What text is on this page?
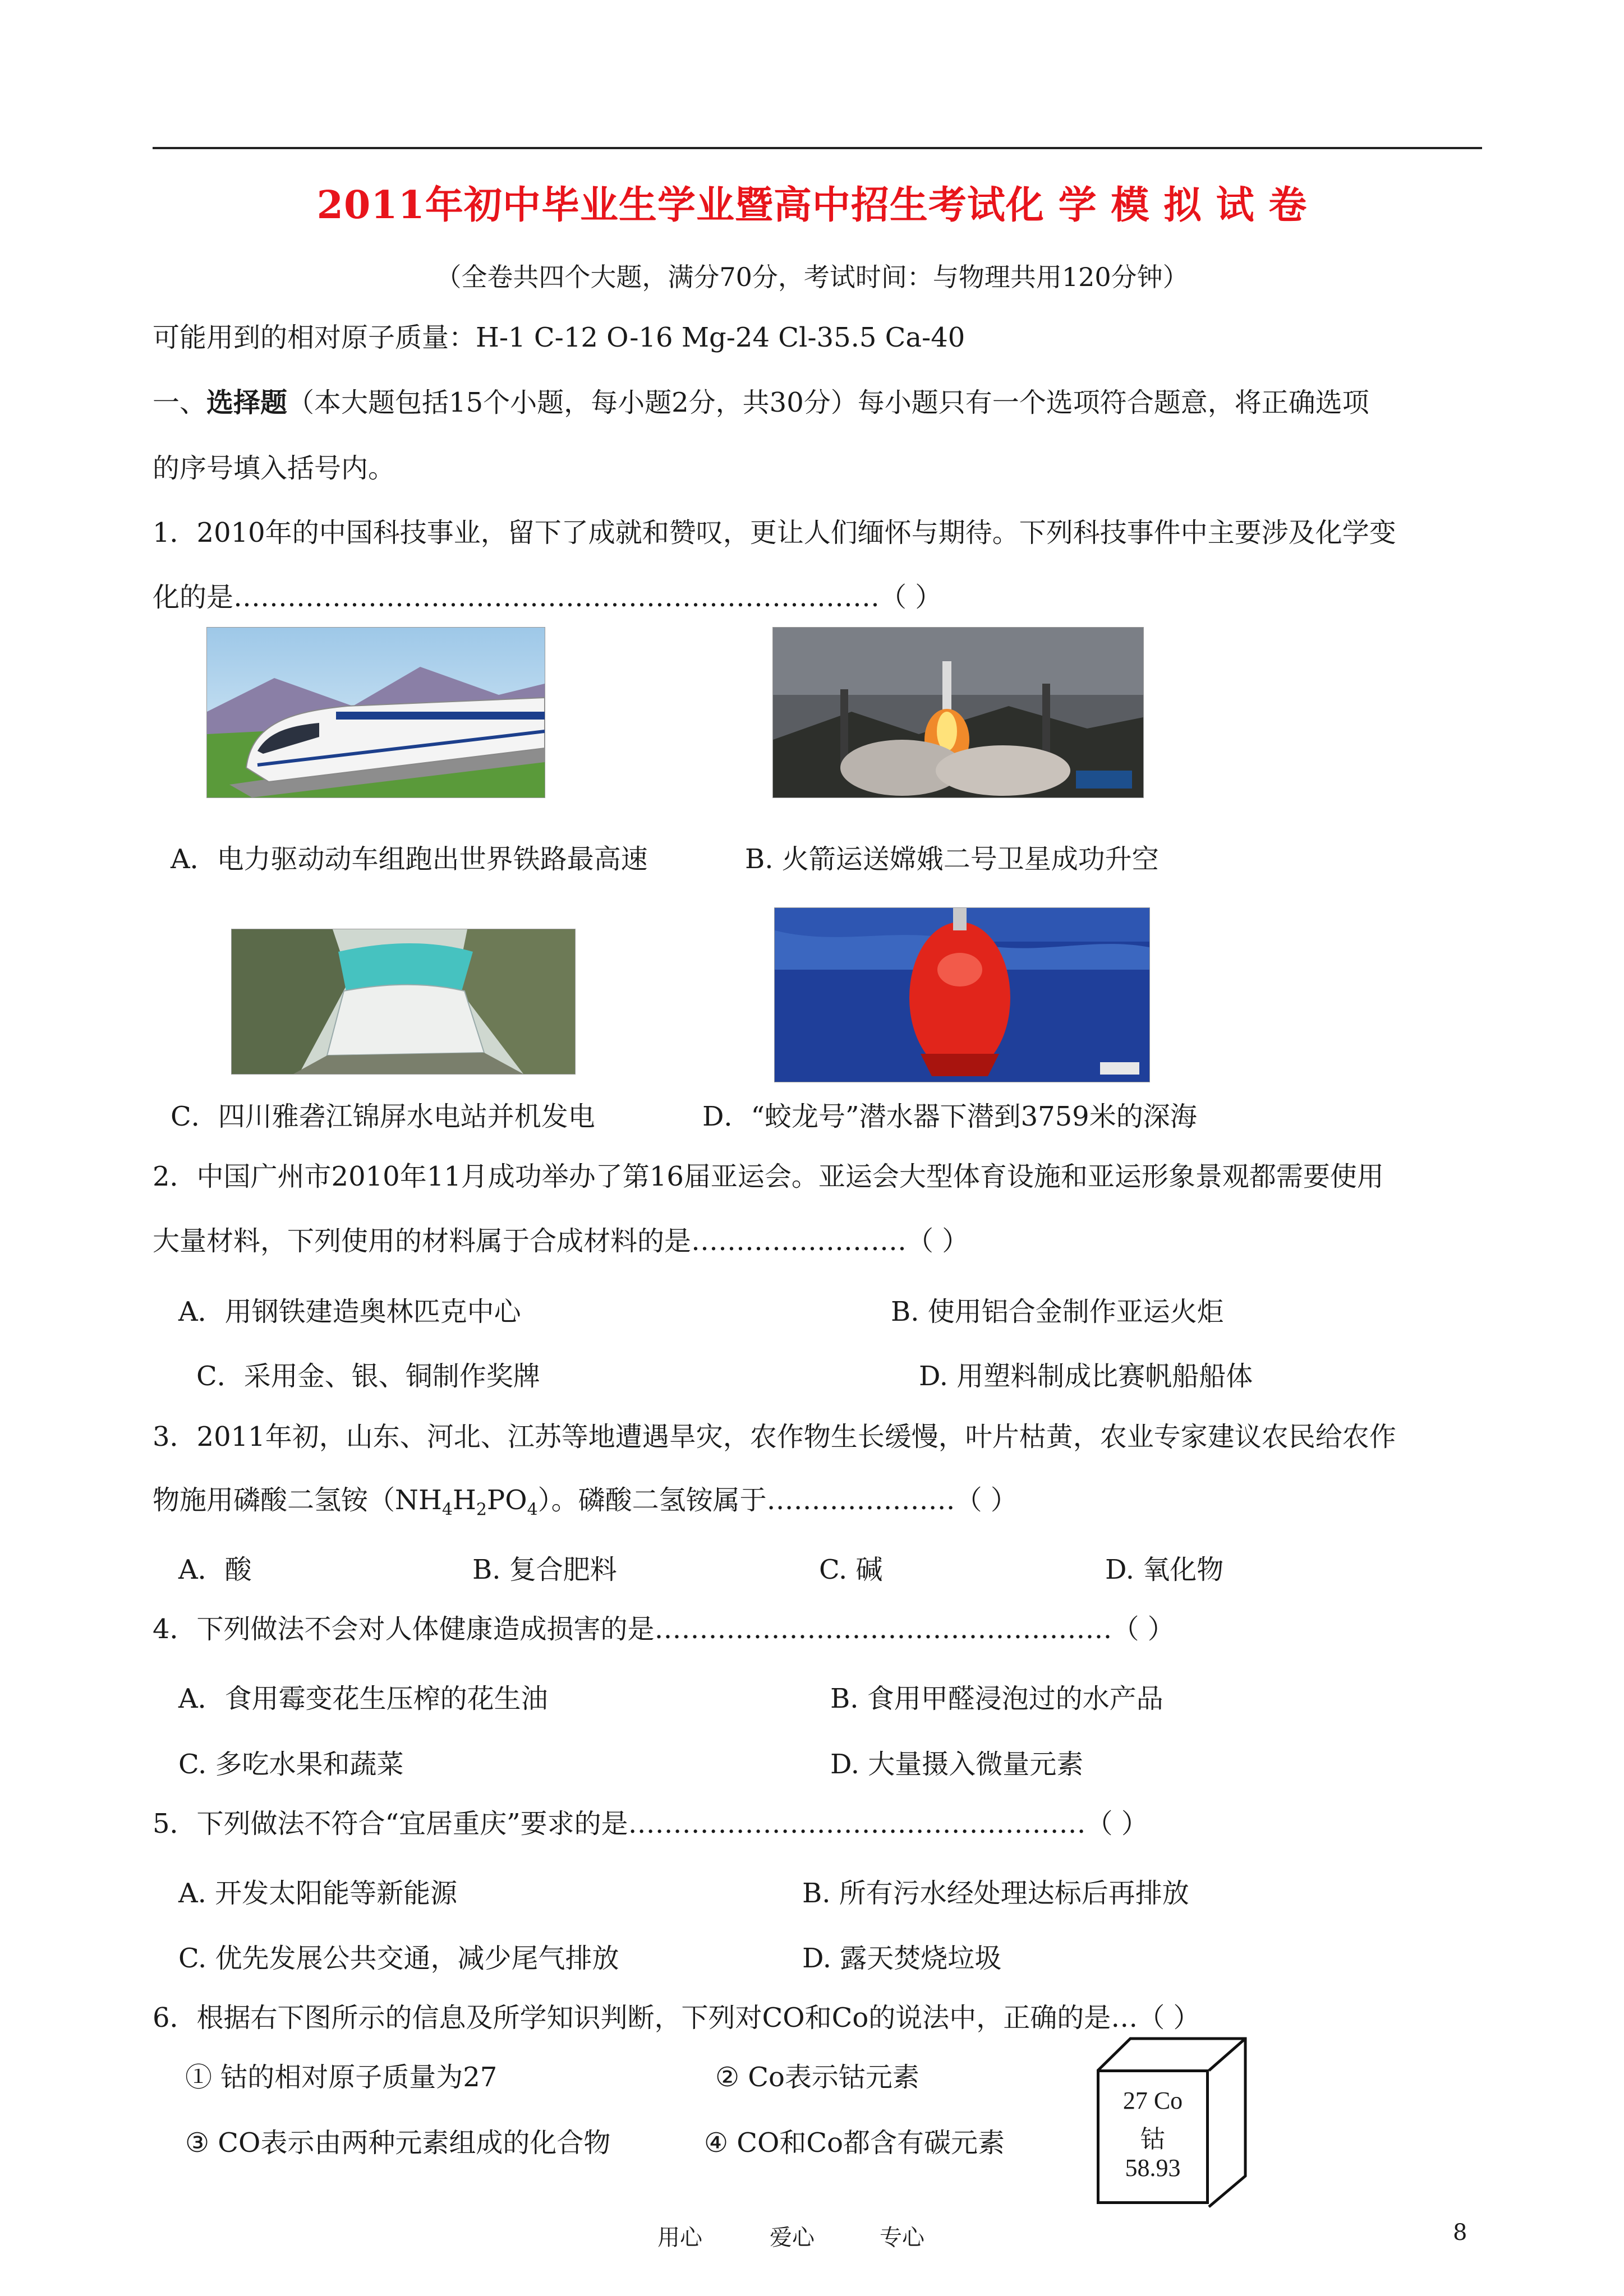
2011年初中毕业生学业暨高中招生考试化 学 模 拟 试 卷
（全卷共四个大题，满分70分，考试时间：与物理共用120分钟）
可能用到的相对原子质量：H-1 C-12 O-16 Mg-24 Cl-35.5 Ca-40
一、选择题（本大题包括15个小题，每小题2分，共30分）每小题只有一个选项符合题意，将正确选项
的序号填入括号内。
1．2010年的中国科技事业，留下了成就和赞叹，更让人们缅怀与期待。下列科技事件中主要涉及化学变
化的是………………………………………………………………（ ）
A．电力驱动动车组跑出世界铁路最高速	B. 火箭运送嫦娥二号卫星成功升空
C．四川雅砻江锦屏水电站并机发电	D．“蛟龙号”潜水器下潜到3759米的深海
2．中国广州市2010年11月成功举办了第16届亚运会。亚运会大型体育设施和亚运形象景观都需要使用
大量材料，下列使用的材料属于合成材料的是……………………（ ）
A．用钢铁建造奥林匹克中心	B. 使用铝合金制作亚运火炬
C．采用金、银、铜制作奖牌	D. 用塑料制成比赛帆船船体
3．2011年初，山东、河北、江苏等地遭遇旱灾，农作物生长缓慢，叶片枯黄，农业专家建议农民给农作
物施用磷酸二氢铵$(NH_4H_2PO_4)$。磷酸二氢铵属于…………………（ ）
A．酸	B. 复合肥料	C. 碱	D. 氧化物
4．下列做法不会对人体健康造成损害的是……………………………………………（ ）
A．食用霉变花生压榨的花生油	B. 食用甲醛浸泡过的水产品
C. 多吃水果和蔬菜	D. 大量摄入微量元素
5．下列做法不符合“宜居重庆”要求的是……………………………………………（ ）
A. 开发太阳能等新能源	B. 所有污水经处理达标后再排放
C. 优先发展公共交通，减少尾气排放	D. 露天焚烧垃圾
6．根据右下图所示的信息及所学知识判断，下列对CO和Co的说法中，正确的是…（ ）
① 钴的相对原子质量为27	② Co表示钴元素
③ CO表示由两种元素组成的化合物	④ CO和Co都含有碳元素
27 Co
钴
58.93
用心	爱心	专心	8
